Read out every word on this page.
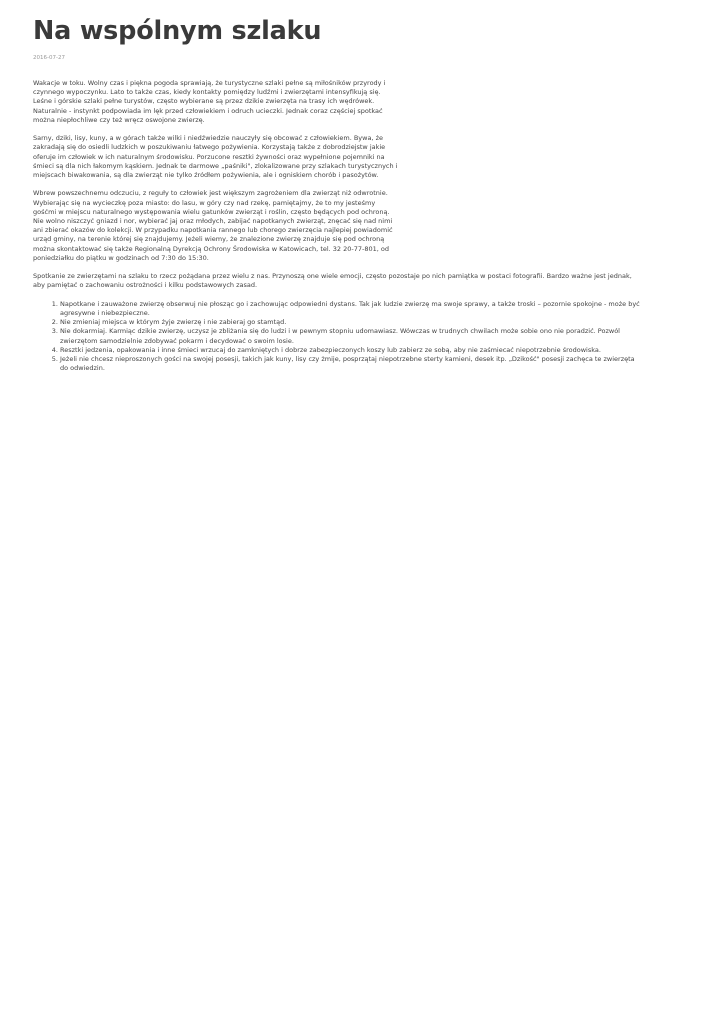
Na wspólnym szlaku
2016-07-27

Wakacje w toku. Wolny czas i piękna pogoda sprawiają, że turystyczne szlaki pełne są miłośników przyrody i
czynnego wypoczynku. Lato to także czas, kiedy kontakty pomiędzy ludźmi i zwierzętami intensyfikują się.
Leśne i górskie szlaki pełne turystów, często wybierane są przez dzikie zwierzęta na trasy ich wędrówek.
Naturalnie - instynkt podpowiada im lęk przed człowiekiem i odruch ucieczki. Jednak coraz częściej spotkać
można niepłochliwe czy też wręcz oswojone zwierzę.

Sarny, dziki, lisy, kuny, a w górach także wilki i niedźwiedzie nauczyły się obcować z człowiekiem. Bywa, że
zakradają się do osiedli ludzkich w poszukiwaniu łatwego pożywienia. Korzystają także z dobrodziejstw jakie
oferuje im człowiek w ich naturalnym środowisku. Porzucone resztki żywności oraz wypełnione pojemniki na
śmieci są dla nich łakomym kąskiem. Jednak te darmowe „paśniki", zlokalizowane przy szlakach turystycznych i
miejscach biwakowania, są dla zwierząt nie tylko źródłem pożywienia, ale i ogniskiem chorób i pasożytów.

Wbrew powszechnemu odczuciu, z reguły to człowiek jest większym zagrożeniem dla zwierząt niż odwrotnie.
Wybierając się na wycieczkę poza miasto: do lasu, w góry czy nad rzekę, pamiętajmy, że to my jesteśmy
gośćmi w miejscu naturalnego występowania wielu gatunków zwierząt i roślin, często będących pod ochroną.
Nie wolno niszczyć gniazd i nor, wybierać jaj oraz młodych, zabijać napotkanych zwierząt, znęcać się nad nimi
ani zbierać okazów do kolekcji. W przypadku napotkania rannego lub chorego zwierzęcia najlepiej powiadomić
urząd gminy, na terenie której się znajdujemy. Jeżeli wiemy, że znalezione zwierzę znajduje się pod ochroną
można skontaktować się także Regionalną Dyrekcją Ochrony Środowiska w Katowicach, tel. 32 20-77-801, od
poniedziałku do piątku w godzinach od 7:30 do 15:30.

Spotkanie ze zwierzętami na szlaku to rzecz pożądana przez wielu z nas. Przynoszą one wiele emocji, często pozostaje po nich pamiątka w postaci fotografii. Bardzo ważne jest jednak,
aby pamiętać o zachowaniu ostrożności i kilku podstawowych zasad.

1. Napotkane i zauważone zwierzę obserwuj nie płosząc go i zachowując odpowiedni dystans. Tak jak ludzie zwierzę ma swoje sprawy, a także troski – pozornie spokojne - może być
agresywne i niebezpieczne.
2. Nie zmieniaj miejsca w którym żyje zwierzę i nie zabieraj go stamtąd.
3. Nie dokarmiaj. Karmiąc dzikie zwierzę, uczysz je zbliżania się do ludzi i w pewnym stopniu udomawiasz. Wówczas w trudnych chwilach może sobie ono nie poradzić. Pozwól
zwierzętom samodzielnie zdobywać pokarm i decydować o swoim losie.
4. Resztki jedzenia, opakowania i inne śmieci wrzucaj do zamkniętych i dobrze zabezpieczonych koszy lub zabierz ze sobą, aby nie zaśmiecać niepotrzebnie środowiska.
5. Jeżeli nie chcesz nieproszonych gości na swojej posesji, takich jak kuny, lisy czy żmije, posprzątaj niepotrzebne sterty kamieni, desek itp. „Dzikość" posesji zachęca te zwierzęta
do odwiedzin.
